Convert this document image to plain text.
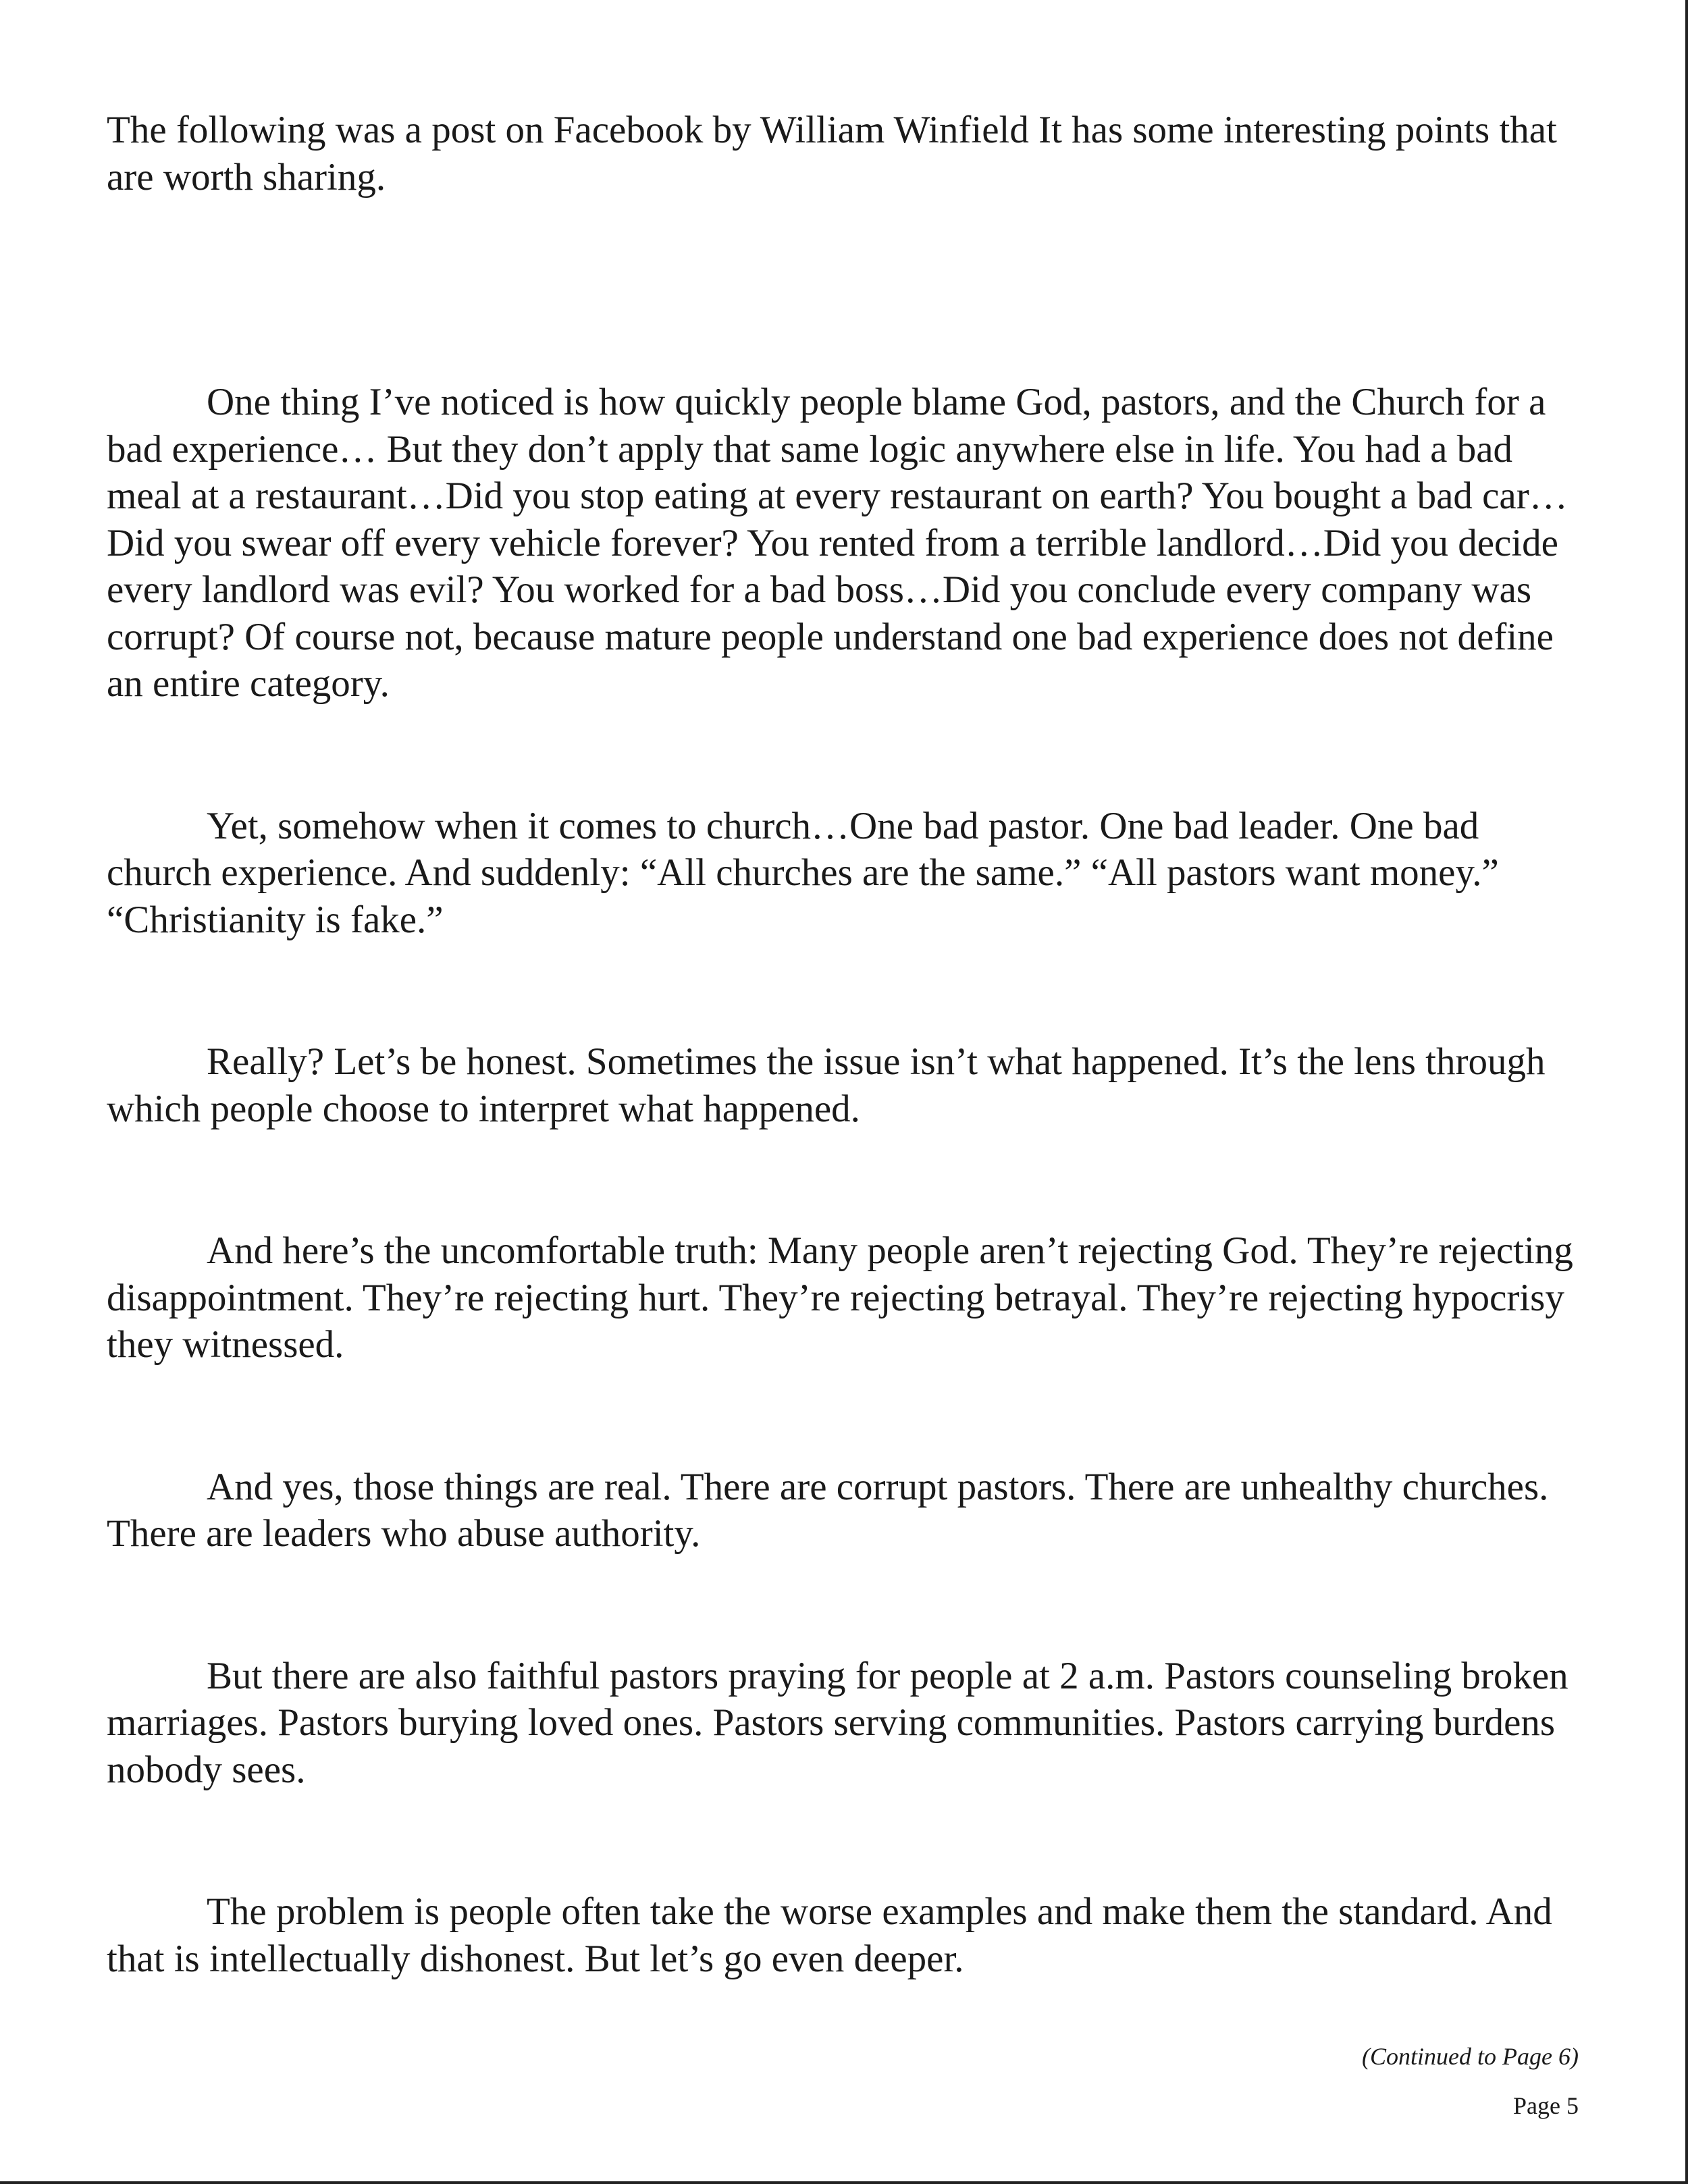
The following was a post on Facebook by William Winfield It has some interesting points that are worth sharing.

One thing I’ve noticed is how quickly people blame God, pastors, and the Church for a bad experience… But they don’t apply that same logic anywhere else in life. You had a bad meal at a restaurant…Did you stop eating at every restaurant on earth? You bought a bad car…Did you swear off every vehicle forever? You rented from a terrible landlord…Did you decide every landlord was evil? You worked for a bad boss…Did you conclude every company was corrupt? Of course not, because mature people understand one bad experience does not define an entire category.

Yet, somehow when it comes to church…One bad pastor. One bad leader. One bad church experience. And suddenly: “All churches are the same.” “All pastors want money.” “Christianity is fake.”

Really? Let’s be honest. Sometimes the issue isn’t what happened. It’s the lens through which people choose to interpret what happened.

And here’s the uncomfortable truth: Many people aren’t rejecting God. They’re rejecting disappointment. They’re rejecting hurt. They’re rejecting betrayal. They’re rejecting hypocrisy they witnessed.

And yes, those things are real. There are corrupt pastors. There are unhealthy churches. There are leaders who abuse authority.

But there are also faithful pastors praying for people at 2 a.m. Pastors counseling broken marriages. Pastors burying loved ones. Pastors serving communities. Pastors carrying burdens nobody sees.

The problem is people often take the worse examples and make them the standard. And that is intellectually dishonest. But let’s go even deeper.

(Continued to Page 6)

Page 5
